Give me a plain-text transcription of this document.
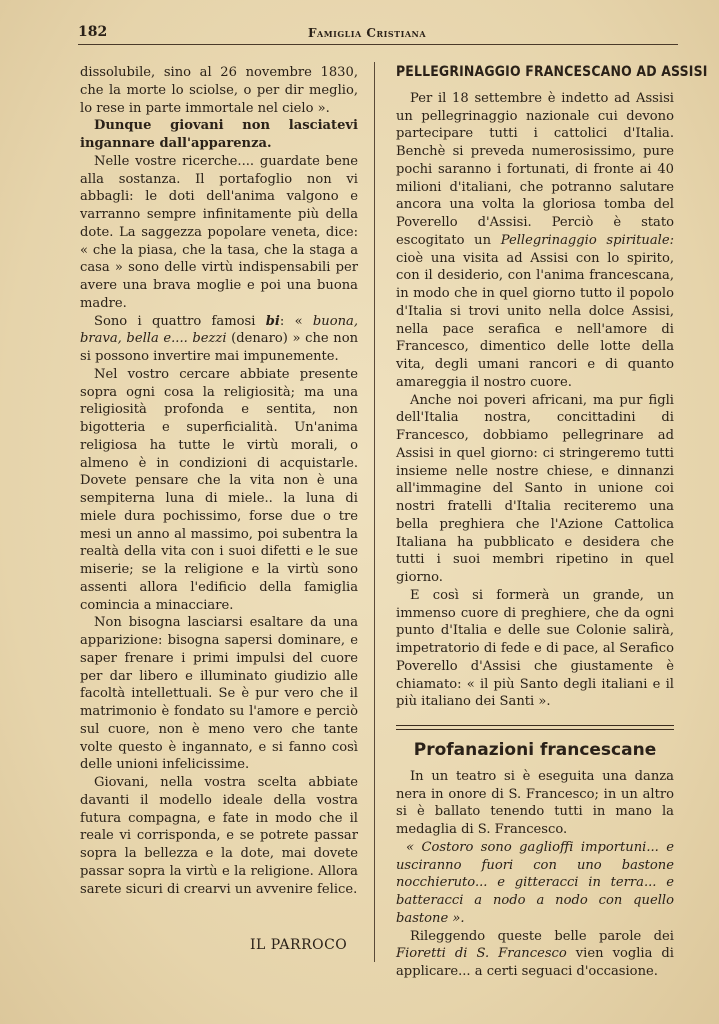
182	Famiglia Cristiana

dissolubile, sino al 26 novembre 1830, che la morte lo sciolse, o per dir meglio, lo rese in parte immortale nel cielo ».

Dunque giovani non lasciatevi ingannare dall'apparenza.

Nelle vostre ricerche.... guardate bene alla sostanza. Il portafoglio non vi abbagli: le doti dell'anima valgono e varranno sempre infinitamente più della dote. La saggezza popolare veneta, dice: « che la piasa, che la tasa, che la staga a casa » sono delle virtù indispensabili per avere una brava moglie e poi una buona madre.

Sono i quattro famosi bi: « buona, brava, bella e.... bezzi (denaro) » che non si possono invertire mai impunemente.

Nel vostro cercare abbiate presente sopra ogni cosa la religiosità; ma una religiosità profonda e sentita, non bigotteria e superficialità. Un'anima religiosa ha tutte le virtù morali, o almeno è in condizioni di acquistarle. Dovete pensare che la vita non è una sempiterna luna di miele.. la luna di miele dura pochissimo, forse due o tre mesi un anno al massimo, poi subentra la realtà della vita con i suoi difetti e le sue miserie; se la religione e la virtù sono assenti allora l'edificio della famiglia comincia a minacciare.

Non bisogna lasciarsi esaltare da una apparizione: bisogna sapersi dominare, e saper frenare i primi impulsi del cuore per dar libero e illuminato giudizio alle facoltà intellettuali. Se è pur vero che il matrimonio è fondato su l'amore e perciò sul cuore, non è meno vero che tante volte questo è ingannato, e si fanno così delle unioni infelicissime.

Giovani, nella vostra scelta abbiate davanti il modello ideale della vostra futura compagna, e fate in modo che il reale vi corrisponda, e se potrete passar sopra la bellezza e la dote, mai dovete passar sopra la virtù e la religione. Allora sarete sicuri di crearvi un avvenire felice.

PELLEGRINAGGIO FRANCESCANO AD ASSISI

Per il 18 settembre è indetto ad Assisi un pellegrinaggio nazionale cui devono partecipare tutti i cattolici d'Italia. Benchè si preveda numerosissimo, pure pochi saranno i fortunati, di fronte ai 40 milioni d'italiani, che potranno salutare ancora una volta la gloriosa tomba del Poverello d'Assisi. Perciò è stato escogitato un Pellegrinaggio spirituale: cioè una visita ad Assisi con lo spirito, con il desiderio, con l'anima francescana, in modo che in quel giorno tutto il popolo d'Italia si trovi unito nella dolce Assisi, nella pace serafica e nell'amore di Francesco, dimentico delle lotte della vita, degli umani rancori e di quanto amareggia il nostro cuore.

Anche noi poveri africani, ma pur figli dell'Italia nostra, concittadini di Francesco, dobbiamo pellegrinare ad Assisi in quel giorno: ci stringeremo tutti insieme nelle nostre chiese, e dinnanzi all'immagine del Santo in unione coi nostri fratelli d'Italia reciteremo una bella preghiera che l'Azione Cattolica Italiana ha pubblicato e desidera che tutti i suoi membri ripetino in quel giorno.

E così si formerà un grande, un immenso cuore di preghiere, che da ogni punto d'Italia e delle sue Colonie salirà, impetratorio di fede e di pace, al Serafico Poverello d'Assisi che giustamente è chiamato: « il più Santo degli italiani e il più italiano dei Santi ».

Profanazioni francescane

In un teatro si è eseguita una danza nera in onore di S. Francesco; in un altro si è ballato tenendo tutti in mano la medaglia di S. Francesco.

« Costoro sono gaglioffi importuni... e usciranno fuori con uno bastone nocchieruto... e gitteracci in terra... e batteracci a nodo a nodo con quello bastone ».

Rileggendo queste belle parole dei Fioretti di S. Francesco vien voglia di applicare... a certi seguaci d'occasione.

IL PARROCO
